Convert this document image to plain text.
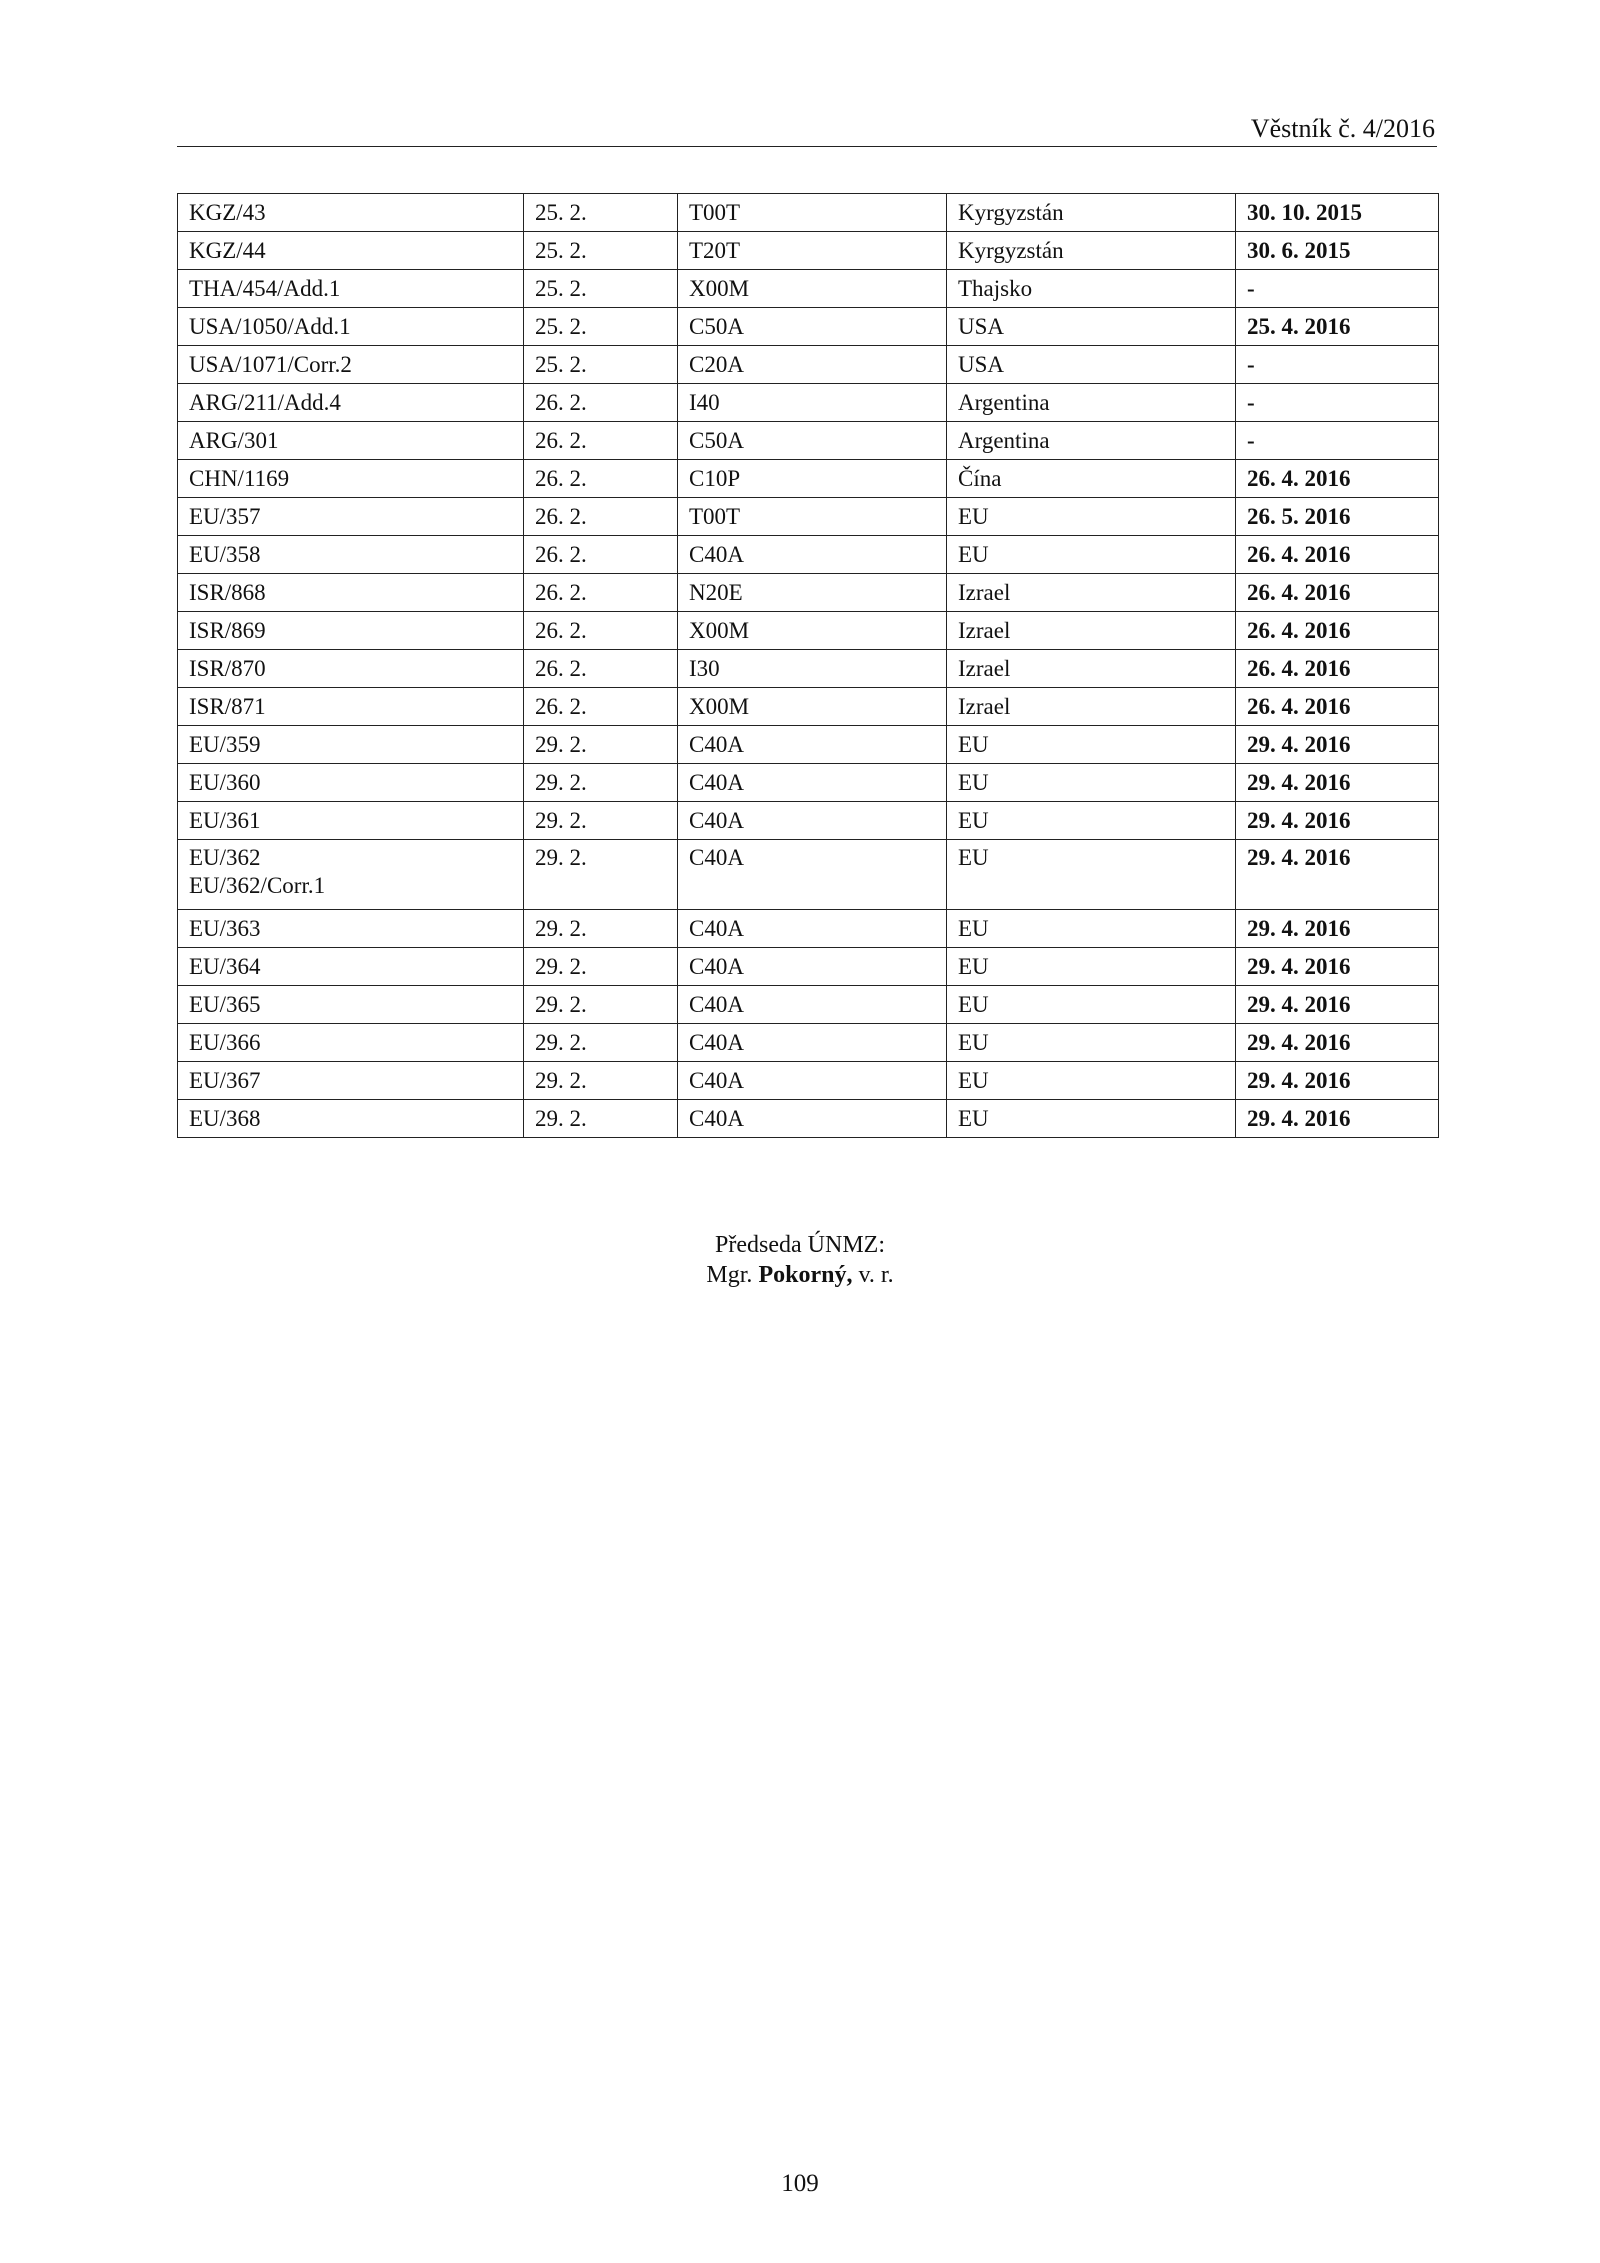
Věstník č. 4/2016
KGZ/43	25. 2.	T00T	Kyrgyzstán	30. 10. 2015
KGZ/44	25. 2.	T20T	Kyrgyzstán	30. 6. 2015
THA/454/Add.1	25. 2.	X00M	Thajsko	-
USA/1050/Add.1	25. 2.	C50A	USA	25. 4. 2016
USA/1071/Corr.2	25. 2.	C20A	USA	-
ARG/211/Add.4	26. 2.	I40	Argentina	-
ARG/301	26. 2.	C50A	Argentina	-
CHN/1169	26. 2.	C10P	Čína	26. 4. 2016
EU/357	26. 2.	T00T	EU	26. 5. 2016
EU/358	26. 2.	C40A	EU	26. 4. 2016
ISR/868	26. 2.	N20E	Izrael	26. 4. 2016
ISR/869	26. 2.	X00M	Izrael	26. 4. 2016
ISR/870	26. 2.	I30	Izrael	26. 4. 2016
ISR/871	26. 2.	X00M	Izrael	26. 4. 2016
EU/359	29. 2.	C40A	EU	29. 4. 2016
EU/360	29. 2.	C40A	EU	29. 4. 2016
EU/361	29. 2.	C40A	EU	29. 4. 2016

EU/362
EU/362/Corr.1	29. 2.	C40A	EU	29. 4. 2016
EU/363	29. 2.	C40A	EU	29. 4. 2016
EU/364	29. 2.	C40A	EU	29. 4. 2016
EU/365	29. 2.	C40A	EU	29. 4. 2016
EU/366	29. 2.	C40A	EU	29. 4. 2016
EU/367	29. 2.	C40A	EU	29. 4. 2016
EU/368	29. 2.	C40A	EU	29. 4. 2016
Předseda ÚNMZ:
Mgr. Pokorný, v. r.
109
